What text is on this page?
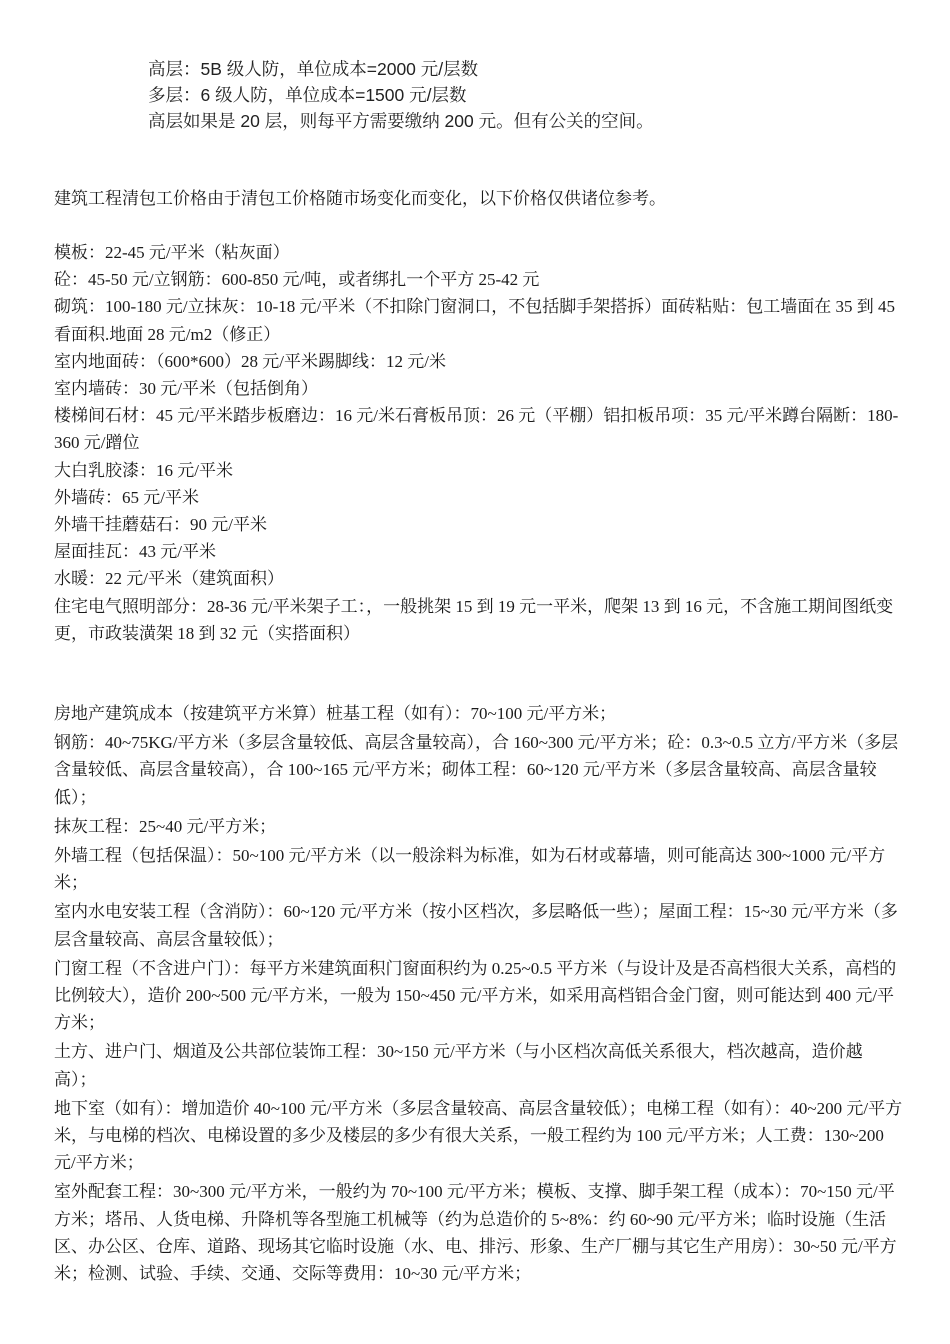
高层：5B 级人防，单位成本=2000 元/层数

多层：6 级人防，单位成本=1500 元/层数

高层如果是 20 层，则每平方需要缴纳 200 元。但有公关的空间。

建筑工程清包工价格由于清包工价格随市场变化而变化，以下价格仅供诸位参考。

模板：22-45 元/平米（粘灰面）

砼：45-50 元/立钢筋：600-850 元/吨，或者绑扎一个平方 25-42 元

砌筑：100-180 元/立抹灰：10-18 元/平米（不扣除门窗洞口，不包括脚手架搭拆）面砖粘贴：包工墙面在 35 到 45 看面积.地面 28 元/m2（修正）

室内地面砖：（600*600）28 元/平米踢脚线：12 元/米

室内墙砖：30 元/平米（包括倒角）

楼梯间石材：45 元/平米踏步板磨边：16 元/米石膏板吊顶：26 元（平棚）铝扣板吊项：35 元/平米蹲台隔断：180-360 元/蹭位

大白乳胶漆：16 元/平米

外墙砖：65 元/平米

外墙干挂蘑菇石：90 元/平米

屋面挂瓦：43 元/平米

水暖：22 元/平米（建筑面积）

住宅电气照明部分：28-36 元/平米架子工：，一般挑架 15 到 19 元一平米，爬架 13 到 16 元，不含施工期间图纸变更，市政装潢架 18 到 32 元（实搭面积）

房地产建筑成本（按建筑平方米算）桩基工程（如有）：70~100 元/平方米；

钢筋：40~75KG/平方米（多层含量较低、高层含量较高），合 160~300 元/平方米；砼：0.3~0.5 立方/平方米（多层含量较低、高层含量较高），合 100~165 元/平方米；砌体工程：60~120 元/平方米（多层含量较高、高层含量较低）；

抹灰工程：25~40 元/平方米；

外墙工程（包括保温）：50~100 元/平方米（以一般涂料为标准，如为石材或幕墙，则可能高达 300~1000 元/平方米；

室内水电安装工程（含消防）：60~120 元/平方米（按小区档次，多层略低一些）；屋面工程：15~30 元/平方米（多层含量较高、高层含量较低）；

门窗工程（不含进户门）：每平方米建筑面积门窗面积约为 0.25~0.5 平方米（与设计及是否高档很大关系，高档的比例较大），造价 200~500 元/平方米，一般为 150~450 元/平方米，如采用高档铝合金门窗，则可能达到 400 元/平方米；

土方、进户门、烟道及公共部位装饰工程：30~150 元/平方米（与小区档次高低关系很大，档次越高，造价越高）；

地下室（如有）：增加造价 40~100 元/平方米（多层含量较高、高层含量较低）；电梯工程（如有）：40~200 元/平方米，与电梯的档次、电梯设置的多少及楼层的多少有很大关系，一般工程约为 100 元/平方米；人工费：130~200 元/平方米；

室外配套工程：30~300 元/平方米，一般约为 70~100 元/平方米；模板、支撑、脚手架工程（成本）：70~150 元/平方米；塔吊、人货电梯、升降机等各型施工机械等（约为总造价的 5~8%：约 60~90 元/平方米；临时设施（生活区、办公区、仓库、道路、现场其它临时设施（水、电、排污、形象、生产厂棚与其它生产用房）：30~50 元/平方米；检测、试验、手续、交通、交际等费用：10~30 元/平方米；
